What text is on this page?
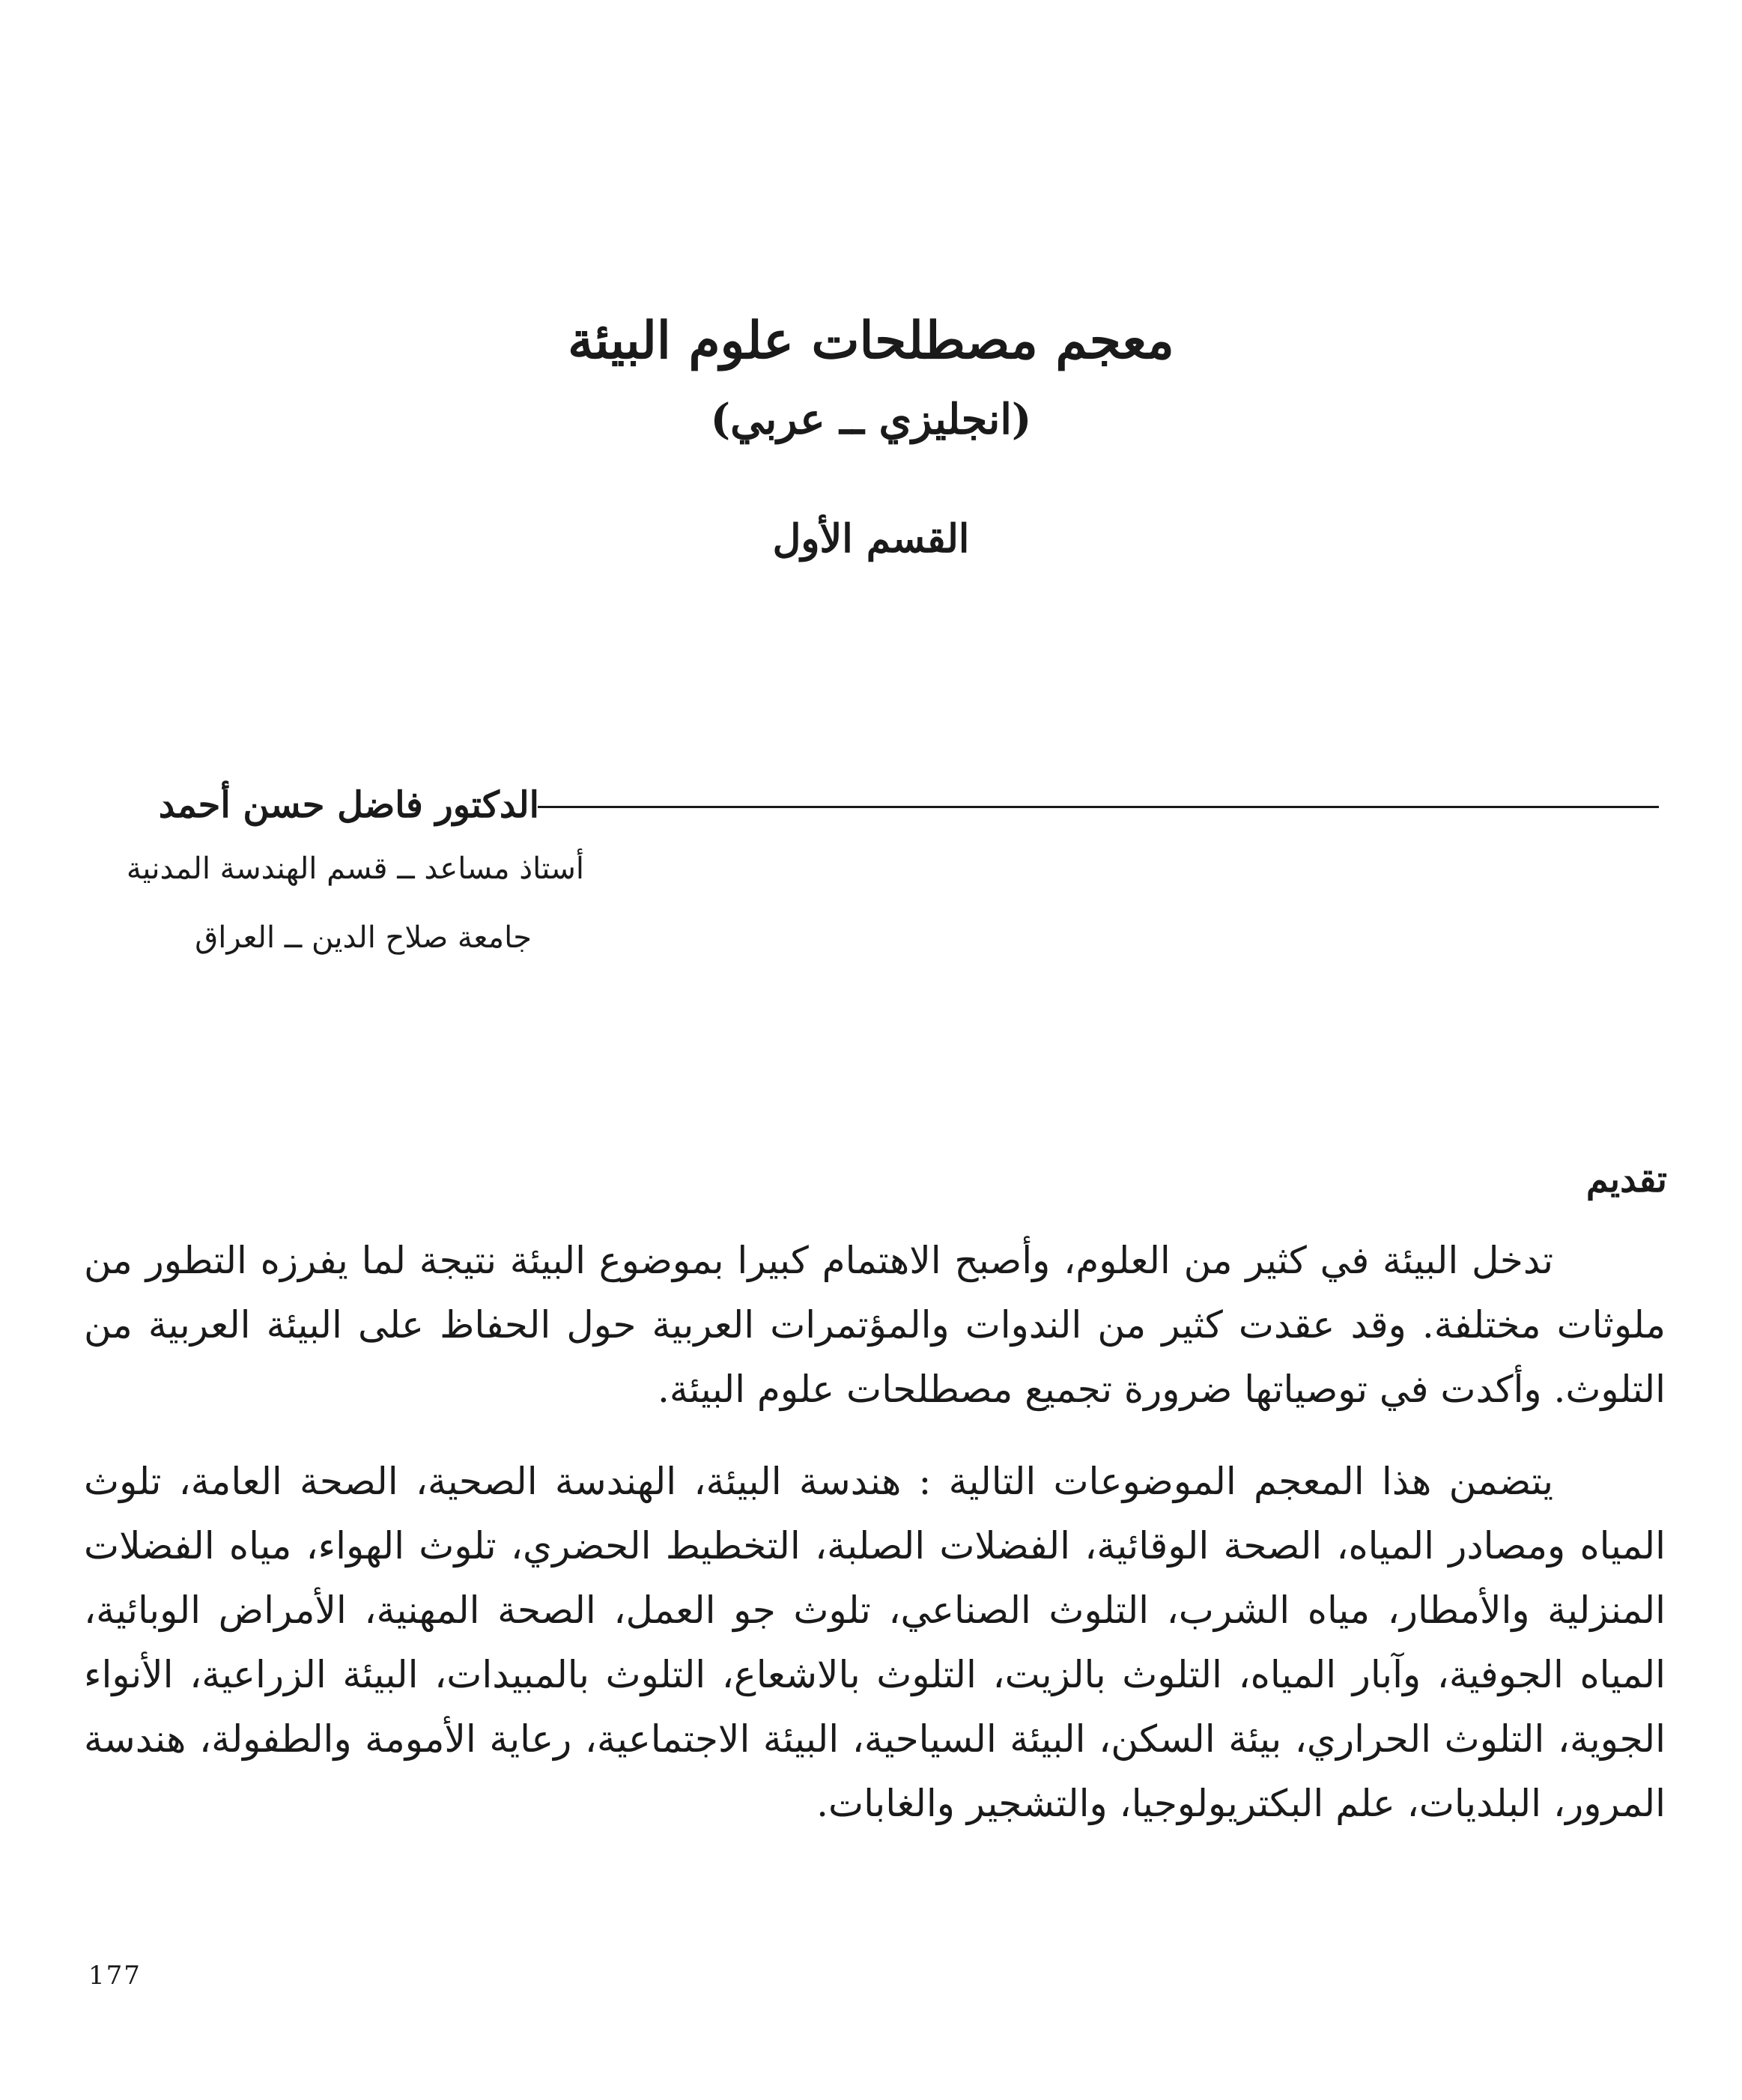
معجم مصطلحات علوم البيئة
(انجليزي ــ عربي)
القسم الأول
الدكتور فاضل حسن أحمد
أستاذ مساعد ــ قسم الهندسة المدنية
جامعة صلاح الدين ــ العراق
تقديم

تدخل البيئة في كثير من العلوم، وأصبح الاهتمام كبيرا بموضوع البيئة نتيجة لما يفرزه التطور من ملوثات مختلفة. وقد عقدت كثير من الندوات والمؤتمرات العربية حول الحفاظ على البيئة العربية من التلوث. وأكدت في توصياتها ضرورة تجميع مصطلحات علوم البيئة.

يتضمن هذا المعجم الموضوعات التالية : هندسة البيئة، الهندسة الصحية، الصحة العامة، تلوث المياه ومصادر المياه، الصحة الوقائية، الفضلات الصلبة، التخطيط الحضري، تلوث الهواء، مياه الفضلات المنزلية والأمطار، مياه الشرب، التلوث الصناعي، تلوث جو العمل، الصحة المهنية، الأمراض الوبائية، المياه الجوفية، وآبار المياه، التلوث بالزيت، التلوث بالاشعاع، التلوث بالمبيدات، البيئة الزراعية، الأنواء الجوية، التلوث الحراري، بيئة السكن، البيئة السياحية، البيئة الاجتماعية، رعاية الأمومة والطفولة، هندسة المرور، البلديات، علم البكتريولوجيا، والتشجير والغابات.

177
